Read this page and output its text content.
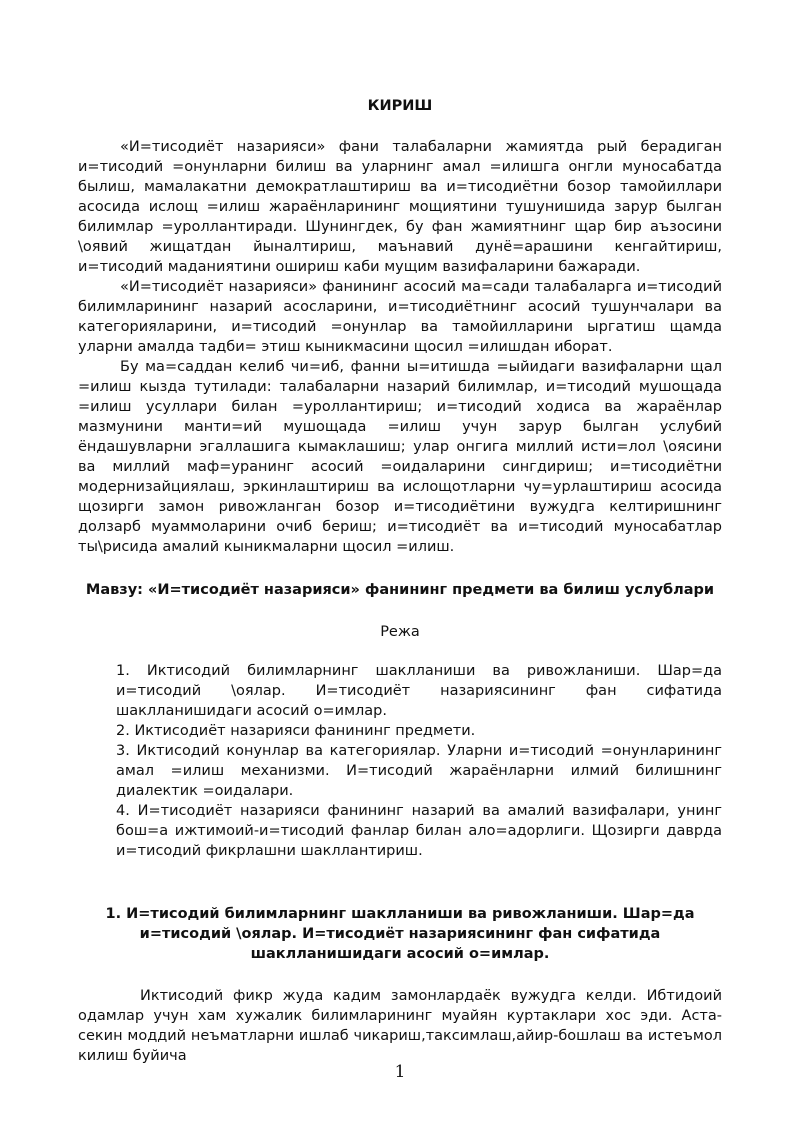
КИРИШ

«И=тисодиёт назарияси» фани талабаларни жамиятда рый берадиган и=тисодий =онунларни билиш ва уларнинг амал =илишга онгли муносабатда былиш, мамалакатни демократлаштириш ва и=тисодиётни бозор тамойиллари асосида ислощ =илиш жараёнларининг мощиятини тушунишида зарур былган билимлар =уроллантиради. Шунингдек, бу фан жамиятнинг щар бир аъзосини \оявий жищатдан йыналтириш, маънавий дунё=арашини кенгайтириш, и=тисодий маданиятини ошириш каби мущим вазифаларини бажаради.

«И=тисодиёт назарияси» фанининг асосий ма=сади талабаларга и=тисодий билимларининг назарий асосларини, и=тисодиётнинг асосий тушунчалари ва категорияларини, и=тисодий =онунлар ва тамойилларини ыргатиш щамда уларни амалда тадби= этиш кыникмасини щосил =илишдан иборат.

Бу ма=саддан келиб чи=иб, фанни ы=итишда =ыйидаги вазифаларни щал =илиш кызда тутилади: талабаларни назарий билимлар, и=тисодий мушощада =илиш усуллари билан =уроллантириш; и=тисодий ходиса ва жараёнлар мазмунини манти=ий мушощада =илиш учун зарур былган услубий ёндашувларни эгаллашига кымаклашиш; улар онгига миллий исти=лол \оясини ва миллий маф=уранинг асосий =оидаларини сингдириш; и=тисодиётни модернизайциялаш, эркинлаштириш ва ислощотларни чу=урлаштириш асосида щозирги замон ривожланган бозор и=тисодиётини вужудга келтиришнинг долзарб муаммоларини очиб бериш; и=тисодиёт ва и=тисодий муносабатлар ты\рисида амалий кыникмаларни щосил =илиш.

Мавзу: «И=тисодиёт назарияси» фанининг предмети ва билиш услублари
Режа

1. Иктисодий билимларнинг шаклланиши ва ривожланиши. Шар=да и=тисодий \оялар. И=тисодиёт назариясининг фан сифатида шаклланишидаги асосий о=имлар.

2. Иктисодиёт назарияси фанининг предмети.

3. Иктисодий конунлар ва категориялар. Уларни и=тисодий =онунларининг амал =илиш механизми. И=тисодий жараёнларни илмий билишнинг диалектик =оидалари.

4. И=тисодиёт назарияси фанининг назарий ва амалий вазифалари, унинг бош=а ижтимоий-и=тисодий фанлар билан ало=адорлиги. Щозирги даврда и=тисодий фикрлашни шакллантириш.

1. И=тисодий билимларнинг шаклланиши ва ривожланиши. Шар=да
и=тисодий \оялар. И=тисодиёт назариясининг фан сифатида
шаклланишидаги асосий о=имлар.

Иктисодий фикр жуда кадим замонлардаёк вужудга келди. Ибтидоий одамлар учун хам хужалик билимларининг муайян куртаклари хос эди. Аста-секин моддий неъматларни ишлаб чикариш,таксимлаш,айир-бошлаш ва истеъмол килиш буйича

1
